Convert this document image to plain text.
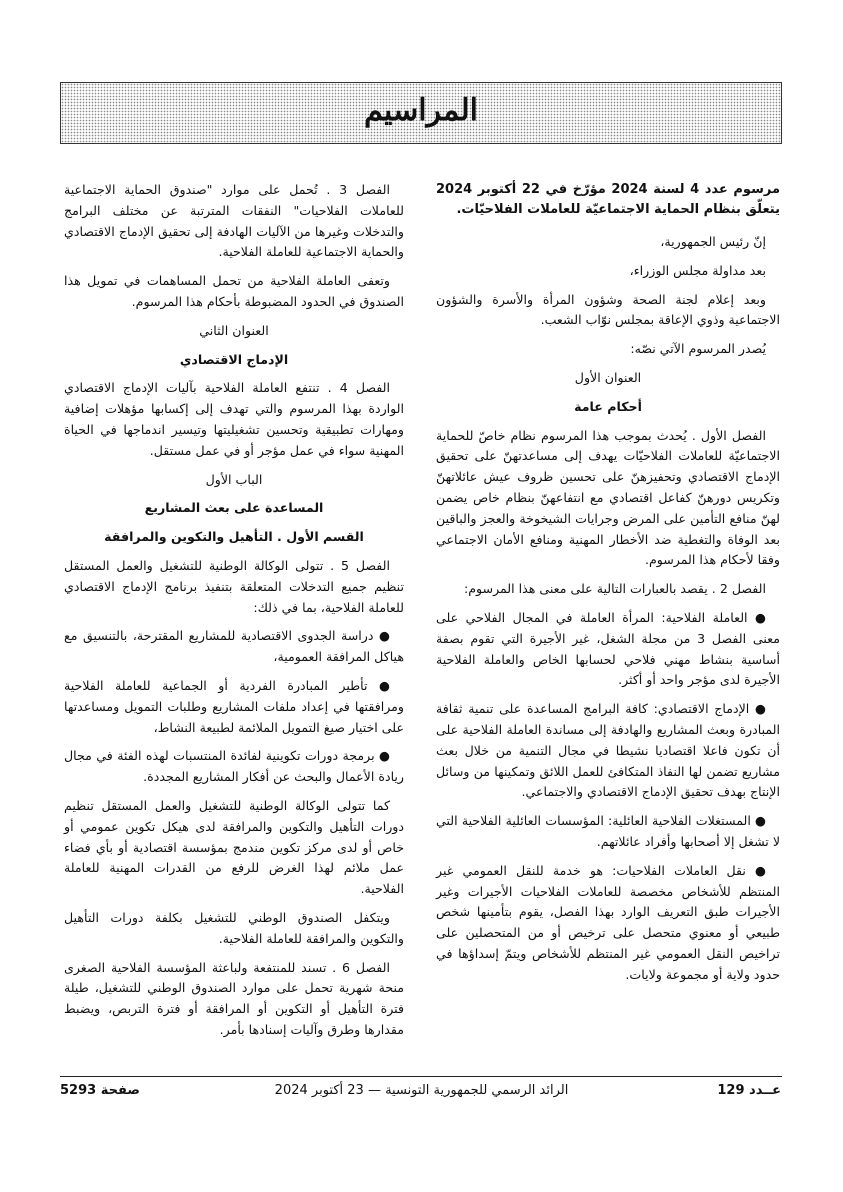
المراسيم
مرسوم عدد 4 لسنة 2024 مؤرّخ في 22 أكتوبر 2024 يتعلّق بنظام الحماية الاجتماعيّة للعاملات الفلاحيّات.

إنّ رئيس الجمهورية،

بعد مداولة مجلس الوزراء،

وبعد إعلام لجنة الصحة وشؤون المرأة والأسرة والشؤون الاجتماعية وذوي الإعاقة بمجلس نوّاب الشعب.

يُصدر المرسوم الآتي نصّه:

العنوان الأول

أحكام عامة

الفصل الأول . يُحدث بموجب هذا المرسوم نظام خاصّ للحماية الاجتماعيّة للعاملات الفلاحيّات يهدف إلى مساعدتهنّ على تحقيق الإدماج الاقتصادي وتحفيزهنّ على تحسين ظروف عيش عائلاتهنّ وتكريس دورهنّ كفاعل اقتصادي مع انتفاعهنّ بنظام خاص يضمن لهنّ منافع التأمين على المرض وجرايات الشيخوخة والعجز والباقين بعد الوفاة والتغطية ضد الأخطار المهنية ومنافع الأمان الاجتماعي وفقا لأحكام هذا المرسوم.

الفصل 2 . يقصد بالعبارات التالية على معنى هذا المرسوم:

● العاملة الفلاحية: المرأة العاملة في المجال الفلاحي على معنى الفصل 3 من مجلة الشغل، غير الأجيرة التي تقوم بصفة أساسية بنشاط مهني فلاحي لحسابها الخاص والعاملة الفلاحية الأجيرة لدى مؤجر واحد أو أكثر.

● الإدماج الاقتصادي: كافة البرامج المساعدة على تنمية ثقافة المبادرة وبعث المشاريع والهادفة إلى مساندة العاملة الفلاحية على أن تكون فاعلا اقتصاديا نشيطا في مجال التنمية من خلال بعث مشاريع تضمن لها النفاذ المتكافئ للعمل اللائق وتمكينها من وسائل الإنتاج بهدف تحقيق الإدماج الاقتصادي والاجتماعي.

● المستغلات الفلاحية العائلية: المؤسسات العائلية الفلاحية التي لا تشغل إلا أصحابها وأفراد عائلاتهم.

● نقل العاملات الفلاحيات: هو خدمة للنقل العمومي غير المنتظم للأشخاص مخصصة للعاملات الفلاحيات الأجيرات وغير الأجيرات طبق التعريف الوارد بهذا الفصل، يقوم بتأمينها شخص طبيعي أو معنوي متحصل على ترخيص أو من المتحصلين على تراخيص النقل العمومي غير المنتظم للأشخاص ويتمّ إسداؤها في حدود ولاية أو مجموعة ولايات.

الفصل 3 . تُحمل على موارد "صندوق الحماية الاجتماعية للعاملات الفلاحيات" النفقات المترتبة عن مختلف البرامج والتدخلات وغيرها من الآليات الهادفة إلى تحقيق الإدماج الاقتصادي والحماية الاجتماعية للعاملة الفلاحية.

وتعفى العاملة الفلاحية من تحمل المساهمات في تمويل هذا الصندوق في الحدود المضبوطة بأحكام هذا المرسوم.

العنوان الثاني

الإدماج الاقتصادي

الفصل 4 . تنتفع العاملة الفلاحية بآليات الإدماج الاقتصادي الواردة بهذا المرسوم والتي تهدف إلى إكسابها مؤهلات إضافية ومهارات تطبيقية وتحسين تشغيليتها وتيسير اندماجها في الحياة المهنية سواء في عمل مؤجر أو في عمل مستقل.

الباب الأول

المساعدة على بعث المشاريع

القسم الأول . التأهيل والتكوين والمرافقة

الفصل 5 . تتولى الوكالة الوطنية للتشغيل والعمل المستقل تنظيم جميع التدخلات المتعلقة بتنفيذ برنامج الإدماج الاقتصادي للعاملة الفلاحية، بما في ذلك:

● دراسة الجدوى الاقتصادية للمشاريع المقترحة، بالتنسيق مع هياكل المرافقة العمومية،

● تأطير المبادرة الفردية أو الجماعية للعاملة الفلاحية ومرافقتها في إعداد ملفات المشاريع وطلبات التمويل ومساعدتها على اختيار صيغ التمويل الملائمة لطبيعة النشاط،

● برمجة دورات تكوينية لفائدة المنتسبات لهذه الفئة في مجال ريادة الأعمال والبحث عن أفكار المشاريع المجددة.

كما تتولى الوكالة الوطنية للتشغيل والعمل المستقل تنظيم دورات التأهيل والتكوين والمرافقة لدى هيكل تكوين عمومي أو خاص أو لدى مركز تكوين مندمج بمؤسسة اقتصادية أو بأي فضاء عمل ملائم لهذا الغرض للرفع من القدرات المهنية للعاملة الفلاحية.

ويتكفل الصندوق الوطني للتشغيل بكلفة دورات التأهيل والتكوين والمرافقة للعاملة الفلاحية.

الفصل 6 . تسند للمنتفعة ولباعثة المؤسسة الفلاحية الصغرى منحة شهرية تحمل على موارد الصندوق الوطني للتشغيل، طيلة فترة التأهيل أو التكوين أو المرافقة أو فترة التربص، ويضبط مقدارها وطرق وآليات إسنادها بأمر.

عــدد 129
الرائد الرسمي للجمهورية التونسية — 23 أكتوبر 2024
صفحة 5293
